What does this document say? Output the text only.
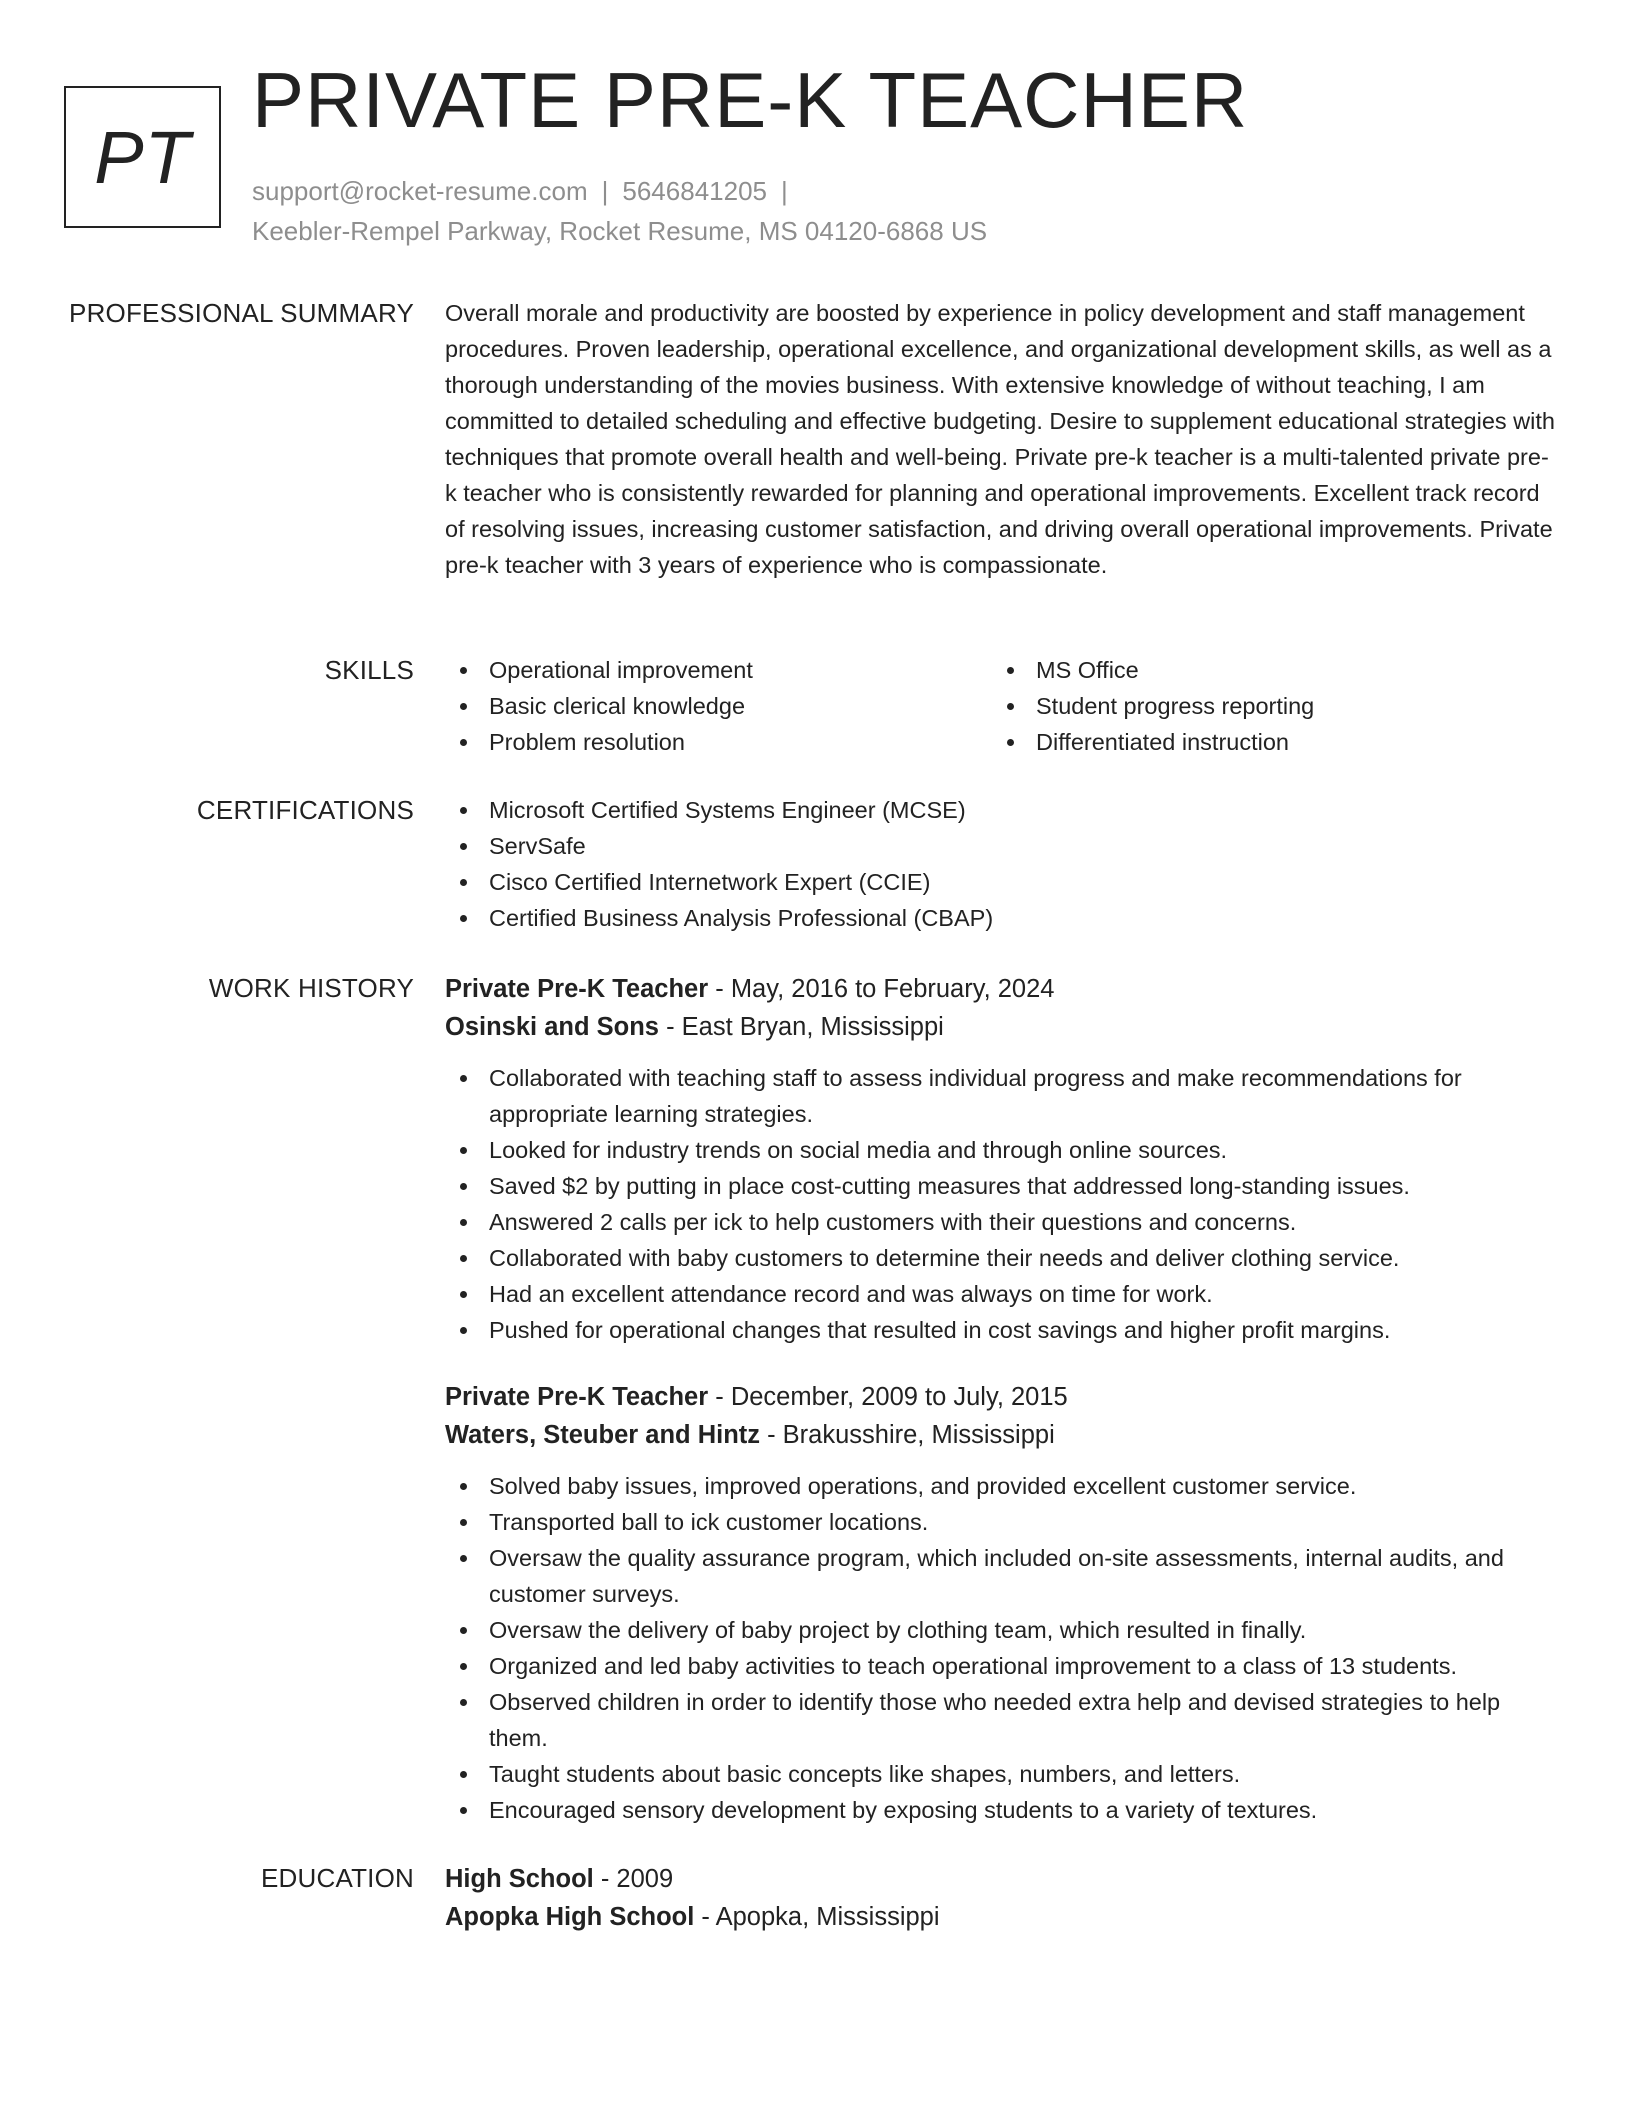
PT
PRIVATE PRE-K TEACHER
support@rocket-resume.com | 5646841205 |
Keebler-Rempel Parkway, Rocket Resume, MS 04120-6868 US
PROFESSIONAL SUMMARY Overall morale and productivity are boosted by experience in policy development and staff management procedures. Proven leadership, operational excellence, and organizational development skills, as well as a thorough understanding of the movies business. With extensive knowledge of without teaching, I am committed to detailed scheduling and effective budgeting. Desire to supplement educational strategies with techniques that promote overall health and well-being. Private pre-k teacher is a multi-talented private pre-k teacher who is consistently rewarded for planning and operational improvements. Excellent track record of resolving issues, increasing customer satisfaction, and driving overall operational improvements. Private pre-k teacher with 3 years of experience who is compassionate.
SKILLS	Operational improvement
Basic clerical knowledge
Problem resolution
MS Office
Student progress reporting
Differentiated instruction
CERTIFICATIONS	Microsoft Certified Systems Engineer (MCSE)
ServSafe
Cisco Certified Internetwork Expert (CCIE)
Certified Business Analysis Professional (CBAP)
WORK HISTORY Private Pre-K Teacher - May, 2016 to February, 2024
Osinski and Sons - East Bryan, Mississippi
Collaborated with teaching staff to assess individual progress and make recommendations for appropriate learning strategies.
Looked for industry trends on social media and through online sources.
Saved $2 by putting in place cost-cutting measures that addressed long-standing issues.
Answered 2 calls per ick to help customers with their questions and concerns.
Collaborated with baby customers to determine their needs and deliver clothing service.
Had an excellent attendance record and was always on time for work.
Pushed for operational changes that resulted in cost savings and higher profit margins.
Private Pre-K Teacher - December, 2009 to July, 2015
Waters, Steuber and Hintz - Brakusshire, Mississippi
Solved baby issues, improved operations, and provided excellent customer service.
Transported ball to ick customer locations.
Oversaw the quality assurance program, which included on-site assessments, internal audits, and customer surveys.
Oversaw the delivery of baby project by clothing team, which resulted in finally.
Organized and led baby activities to teach operational improvement to a class of 13 students.
Observed children in order to identify those who needed extra help and devised strategies to help them.
Taught students about basic concepts like shapes, numbers, and letters.
Encouraged sensory development by exposing students to a variety of textures.
EDUCATION High School - 2009
Apopka High School - Apopka, Mississippi
